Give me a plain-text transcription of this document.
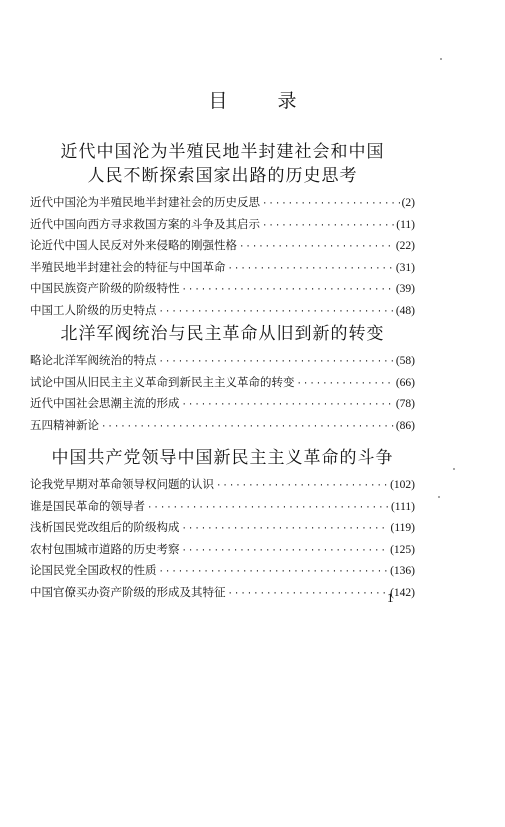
目 录
近代中国沦为半殖民地半封建社会和中国
人民不断探索国家出路的历史思考
近代中国沦为半殖民地半封建社会的历史反思 ·····	(2)
近代中国向西方寻求救国方案的斗争及其启示 ·····	(11)
论近代中国人民反对外来侵略的刚强性格 ·····	(22)
半殖民地半封建社会的特征与中国革命 ·····	(31)
中国民族资产阶级的阶级特性 ·····	(39)
中国工人阶级的历史特点 ·····	(48)
北洋军阀统治与民主革命从旧到新的转变
略论北洋军阀统治的特点 ·····	(58)
试论中国从旧民主主义革命到新民主主义革命的转变 ·····	(66)
近代中国社会思潮主流的形成 ·····	(78)
五四精神新论 ·····	(86)
中国共产党领导中国新民主主义革命的斗争
论我党早期对革命领导权问题的认识 ·····	(102)
谁是国民革命的领导者 ·····	(111)
浅析国民党改组后的阶级构成 ·····	(119)
农村包围城市道路的历史考察 ·····	(125)
论国民党全国政权的性质 ·····	(136)
中国官僚买办资产阶级的形成及其特征 ·····	(142)
1
